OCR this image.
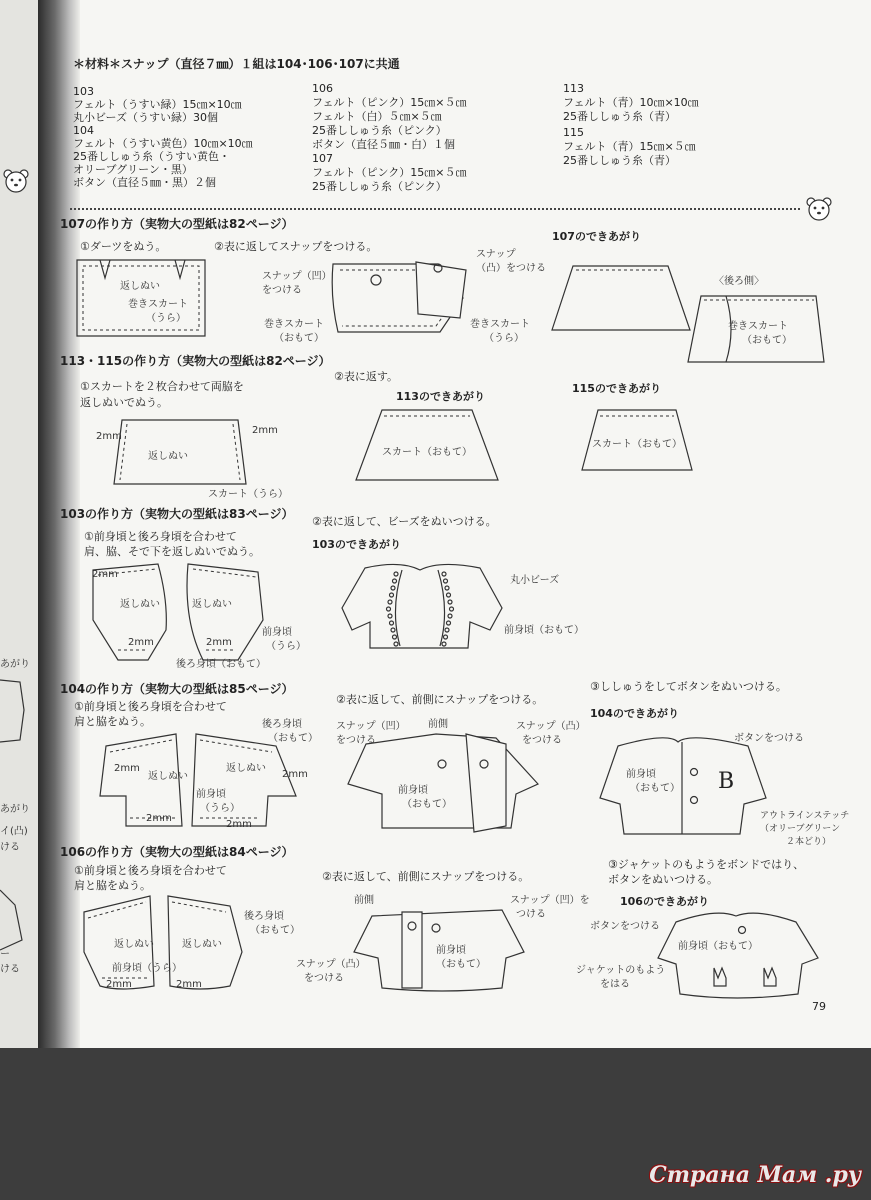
あがり
あがり
イ(凸)
ける
ー
ける
＊材料＊スナップ（直径７㎜）１組は104･106･107に共通
103
フェルト（うすい緑）15㎝×10㎝
丸小ビーズ（うすい緑）30個
104
フェルト（うすい黄色）10㎝×10㎝
25番ししゅう糸（うすい黄色・
オリーブグリーン・黒）
ボタン（直径５㎜・黒）２個
106
フェルト（ピンク）15㎝×５㎝
フェルト（白）５㎝×５㎝
25番ししゅう糸（ピンク）
ボタン（直径５㎜・白）１個
107
フェルト（ピンク）15㎝×５㎝
25番ししゅう糸（ピンク）
113
フェルト（青）10㎝×10㎝
25番ししゅう糸（青）
115
フェルト（青）15㎝×５㎝
25番ししゅう糸（青）
107の作り方（実物大の型紙は82ページ）
①ダーツをぬう。	②表に返してスナップをつける。
107のできあがり
返しぬい
巻きスカート
（うら）
スナップ（凹）
をつける
スナップ
（凸）をつける
巻きスカート
（おもて）
巻きスカート
（うら）
〈後ろ側〉
巻きスカート
（おもて）
113・115の作り方（実物大の型紙は82ページ）
①スカートを２枚合わせて両脇を
返しぬいでぬう。
②表に返す。
113のできあがり
115のできあがり
2mm
2mm
返しぬい
スカート（うら）
スカート（おもて）
スカート（おもて）
103の作り方（実物大の型紙は83ページ）
①前身頃と後ろ身頃を合わせて
肩、脇、そで下を返しぬいでぬう。
②表に返して、ビーズをぬいつける。
103のできあがり
2mm
返しぬい	返しぬい
2mm	2mm
前身頃
（うら）
後ろ身頃（おもて）
丸小ビーズ
前身頃（おもて）
104の作り方（実物大の型紙は85ページ）
①前身頃と後ろ身頃を合わせて
肩と脇をぬう。
②表に返して、前側にスナップをつける。
③ししゅうをしてボタンをぬいつける。
104のできあがり
後ろ身頃
（おもて）
2mm
返しぬい
返しぬい
2mm
前身頃
（うら）
2mm
2mm
スナップ（凹）
をつける
前側	スナップ（凸）
をつける
前身頃
（おもて）
ボタンをつける
前身頃
（おもて） B
アウトラインステッチ
（オリーブグリーン
２本どり）
106の作り方（実物大の型紙は84ページ）
①前身頃と後ろ身頃を合わせて
肩と脇をぬう。
②表に返して、前側にスナップをつける。
③ジャケットのもようをボンドではり、
ボタンをぬいつける。
106のできあがり
後ろ身頃
（おもて）
返しぬい	返しぬい
前身頃（うら）
2mm	2mm
前側	スナップ（凹）を
つける
前身頃
（おもて）
スナップ（凸）
をつける
ボタンをつける
前身頃（おもて）
ジャケットのもよう
をはる
79
Страна Мам .ру
